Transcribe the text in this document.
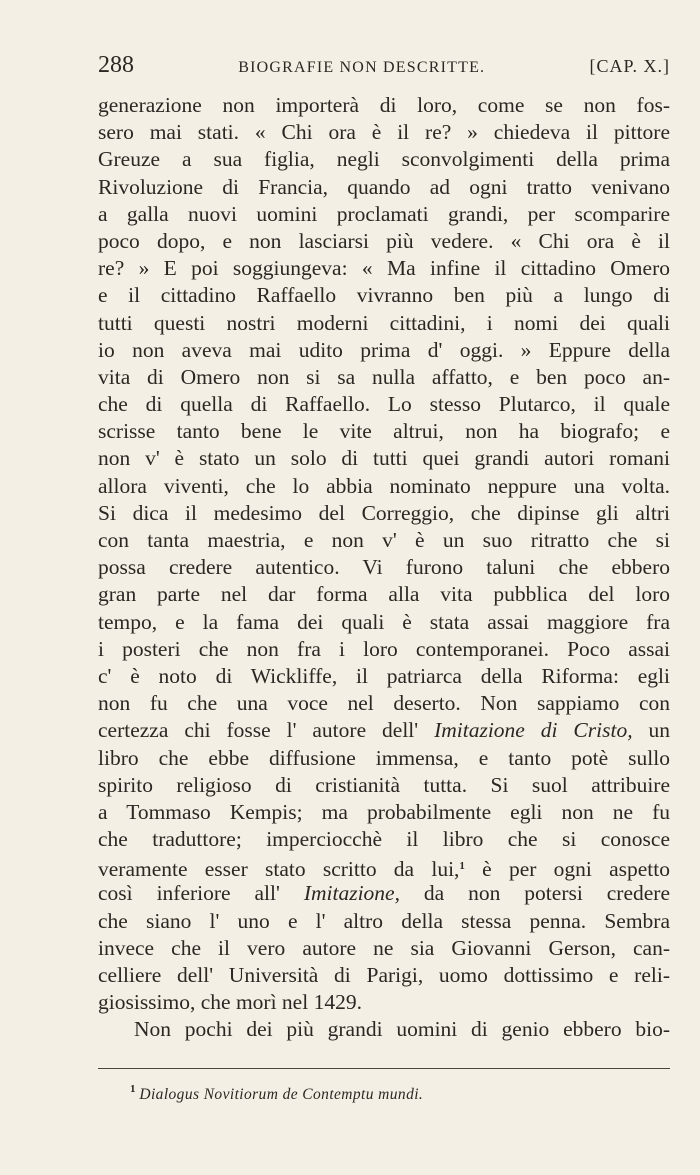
288	BIOGRAFIE NON DESCRITTE.	[CAP. X.]
generazione non importerà di loro, come se non fos-
sero mai stati. « Chi ora è il re? » chiedeva il pittore
Greuze a sua figlia, negli sconvolgimenti della prima
Rivoluzione di Francia, quando ad ogni tratto venivano
a galla nuovi uomini proclamati grandi, per scomparire
poco dopo, e non lasciarsi più vedere. « Chi ora è il
re? » E poi soggiungeva: « Ma infine il cittadino Omero
e il cittadino Raffaello vivranno ben più a lungo di
tutti questi nostri moderni cittadini, i nomi dei quali
io non aveva mai udito prima d' oggi. » Eppure della
vita di Omero non si sa nulla affatto, e ben poco an-
che di quella di Raffaello. Lo stesso Plutarco, il quale
scrisse tanto bene le vite altrui, non ha biografo; e
non v' è stato un solo di tutti quei grandi autori romani
allora viventi, che lo abbia nominato neppure una volta.
Si dica il medesimo del Correggio, che dipinse gli altri
con tanta maestria, e non v' è un suo ritratto che si
possa credere autentico. Vi furono taluni che ebbero
gran parte nel dar forma alla vita pubblica del loro
tempo, e la fama dei quali è stata assai maggiore fra
i posteri che non fra i loro contemporanei. Poco assai
c' è noto di Wickliffe, il patriarca della Riforma: egli
non fu che una voce nel deserto. Non sappiamo con
certezza chi fosse l' autore dell' Imitazione di Cristo, un
libro che ebbe diffusione immensa, e tanto potè sullo
spirito religioso di cristianità tutta. Si suol attribuire
a Tommaso Kempis; ma probabilmente egli non ne fu
che traduttore; imperciocchè il libro che si conosce
veramente esser stato scritto da lui,$^1$ è per ogni aspetto
così inferiore all' Imitazione, da non potersi credere
che siano l' uno e l' altro della stessa penna. Sembra
invece che il vero autore ne sia Giovanni Gerson, can-
celliere dell' Università di Parigi, uomo dottissimo e reli-
giosissimo, che morì nel 1429.
Non pochi dei più grandi uomini di genio ebbero bio-
$^1$ Dialogus Novitiorum de Contemptu mundi.
